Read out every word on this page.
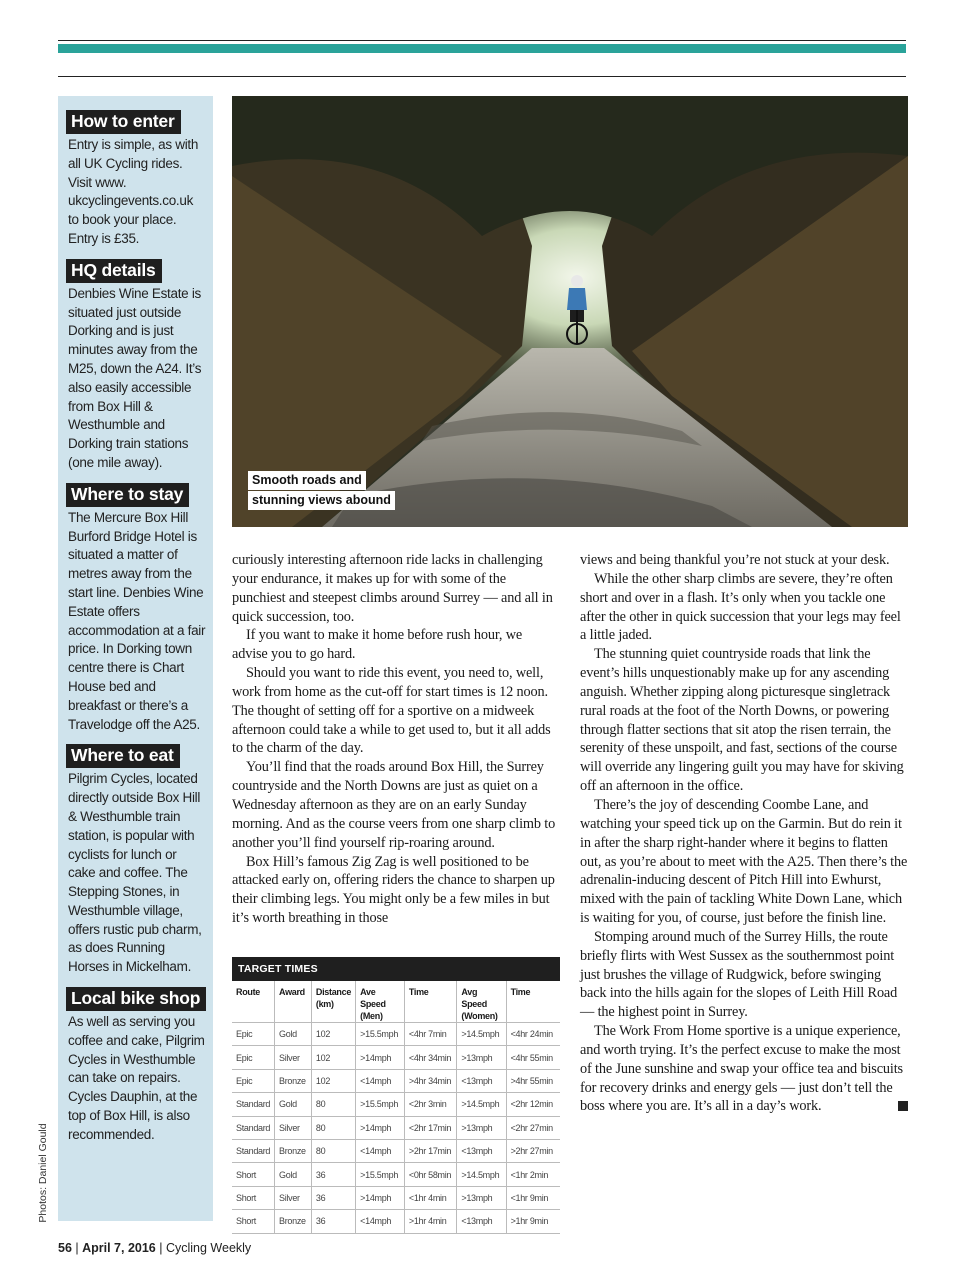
How to enter

Entry is simple, as with all UK Cycling rides. Visit www. ukcyclingevents.co.uk to book your place. Entry is £35.

HQ details

Denbies Wine Estate is situated just outside Dorking and is just minutes away from the M25, down the A24. It’s also easily accessible from Box Hill & Westhumble and Dorking train stations (one mile away).

Where to stay

The Mercure Box Hill Burford Bridge Hotel is situated a matter of metres away from the start line. Denbies Wine Estate offers accommodation at a fair price. In Dorking town centre there is Chart House bed and breakfast or there’s a Travelodge off the A25.

Where to eat

Pilgrim Cycles, located directly outside Box Hill & Westhumble train station, is popular with cyclists for lunch or cake and coffee. The Stepping Stones, in Westhumble village, offers rustic pub charm, as does Running Horses in Mickelham.

Local bike shop

As well as serving you coffee and cake, Pilgrim Cycles in Westhumble can take on repairs. Cycles Dauphin, at the top of Box Hill, is also recommended.

Photos: Daniel Gould
Smooth roads and
stunning views abound

curiously interesting afternoon ride lacks in challenging your endurance, it makes up for with some of the punchiest and steepest climbs around Surrey — and all in quick succession, too.

If you want to make it home before rush hour, we advise you to go hard.

Should you want to ride this event, you need to, well, work from home as the cut-off for start times is 12 noon. The thought of setting off for a sportive on a midweek afternoon could take a while to get used to, but it all adds to the charm of the day.

You’ll find that the roads around Box Hill, the Surrey countryside and the North Downs are just as quiet on a Wednesday afternoon as they are on an early Sunday morning. And as the course veers from one sharp climb to another you’ll find yourself rip-roaring around.

Box Hill’s famous Zig Zag is well positioned to be attacked early on, offering riders the chance to sharpen up their climbing legs. You might only be a few miles in but it’s worth breathing in those

views and being thankful you’re not stuck at your desk.

While the other sharp climbs are severe, they’re often short and over in a flash. It’s only when you tackle one after the other in quick succession that your legs may feel a little jaded.

The stunning quiet countryside roads that link the event’s hills unquestionably make up for any ascending anguish. Whether zipping along picturesque singletrack rural roads at the foot of the North Downs, or powering through flatter sections that sit atop the risen terrain, the serenity of these unspoilt, and fast, sections of the course will override any lingering guilt you may have for skiving off an afternoon in the office.

There’s the joy of descending Coombe Lane, and watching your speed tick up on the Garmin. But do rein it in after the sharp right-hander where it begins to flatten out, as you’re about to meet with the A25. Then there’s the adrenalin-inducing descent of Pitch Hill into Ewhurst, mixed with the pain of tackling White Down Lane, which is waiting for you, of course, just before the finish line.

Stomping around much of the Surrey Hills, the route briefly flirts with West Sussex as the southernmost point just brushes the village of Rudgwick, before swinging back into the hills again for the slopes of Leith Hill Road — the highest point in Surrey.

The Work From Home sportive is a unique experience, and worth trying. It’s the perfect excuse to make the most of the June sunshine and swap your office tea and biscuits for recovery drinks and energy gels — just don’t tell the boss where you are. It’s all in a day’s work.

TARGET TIMES
Route	Award	Distance (km)	Ave Speed (Men)	Time	Avg Speed (Women)	Time
Epic	Gold	102	>15.5mph	<4hr 7min	>14.5mph	<4hr 24min
Epic	Silver	102	>14mph	<4hr 34min	>13mph	<4hr 55min
Epic	Bronze	102	<14mph	>4hr 34min	<13mph	>4hr 55min
Standard	Gold	80	>15.5mph	<2hr 3min	>14.5mph	<2hr 12min
Standard	Silver	80	>14mph	<2hr 17min	>13mph	<2hr 27min
Standard	Bronze	80	<14mph	>2hr 17min	<13mph	>2hr 27min
Short	Gold	36	>15.5mph	<0hr 58min	>14.5mph	<1hr 2min
Short	Silver	36	>14mph	<1hr 4min	>13mph	<1hr 9min
Short	Bronze	36	<14mph	>1hr 4min	<13mph	>1hr 9min
56 | April 7, 2016 | Cycling Weekly
